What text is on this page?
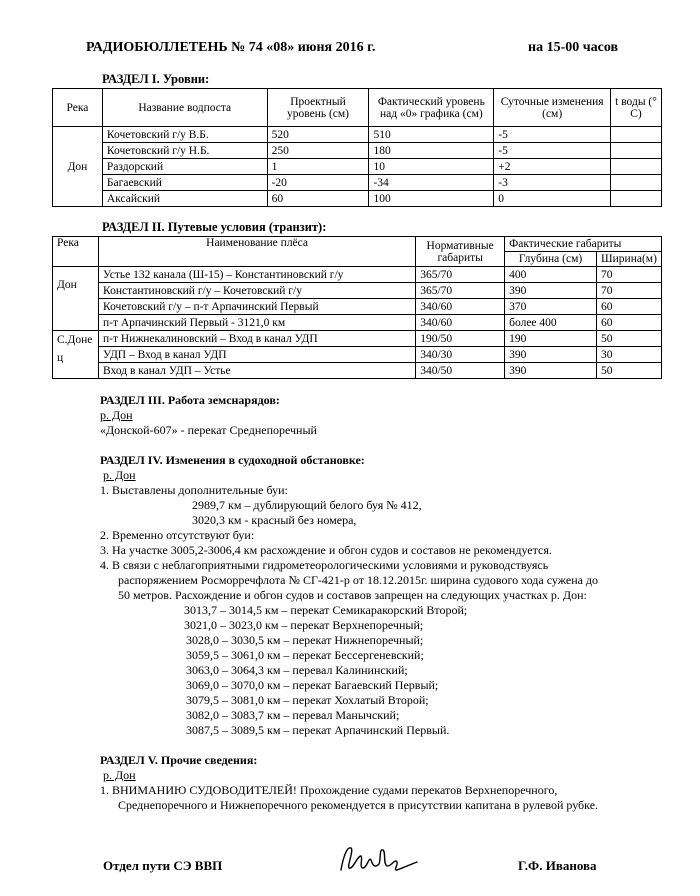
РАДИОБЮЛЛЕТЕНЬ № 74 «08» июня 2016 г.	на 15-00 часов
РАЗДЕЛ I. Уровни:
Река	Название водпоста	Проектный уровень (см)	Фактический уровень над «0» графика (см)	Суточные изменения (см)	t воды (° С)
Дон	Кочетовский г/у В.Б.	520	510	-5	
	Кочетовский г/у Н.Б.	250	180	-5	
	Раздорский	1	10	+2	
	Багаевский	-20	-34	-3	
	Аксайский	60	100	0	
РАЗДЕЛ II. Путевые условия (транзит):
Река	Наименование плёса	Нормативные габариты	Фактические габариты	
			Глубина (см)	Ширина(м)
Дон	Устье 132 канала (Ш-15) – Константиновский г/у	365/70	400	70
	Константиновский г/у – Кочетовский г/у	365/70	390	70
	Кочетовский г/у – п-т Арпачинский Первый	340/60	370	60
	п-т Арпачинский Первый - 3121,0 км	340/60	более 400	60
С.Доне ц	п-т Нижнекалиновский – Вход в канал УДП	190/50	190	50
	УДП – Вход в канал УДП	340/30	390	30
	Вход в канал УДП – Устье	340/50	390	50
РАЗДЕЛ III. Работа земснарядов:
р. Дон
«Донской-607» - перекат Среднепоречный
РАЗДЕЛ IV. Изменения в судоходной обстановке:
р. Дон
1. Выставлены дополнительные буи:
2989,7 км – дублирующий белого буя № 412,
3020,3 км - красный без номера,
2. Временно отсутствуют буи:
3. На участке 3005,2-3006,4 км расхождение и обгон судов и составов не рекомендуется.
4. В связи с неблагоприятными гидрометеорологическими условиями и руководствуясь
распоряжением Росморречфлота № СГ-421-р от 18.12.2015г. ширина судового хода сужена до
50 метров. Расхождение и обгон судов и составов запрещен на следующих участках р. Дон:
3013,7 – 3014,5 км – перекат Семикаракорский Второй;
3021,0 – 3023,0 км – перекат Верхнепоречный;
3028,0 – 3030,5 км – перекат Нижнепоречный;
3059,5 – 3061,0 км – перекат Бессергеневский;
3063,0 – 3064,3 км – перевал Калининский;
3069,0 – 3070,0 км – перекат Багаевский Первый;
3079,5 – 3081,0 км – перекат Хохлатый Второй;
3082,0 – 3083,7 км – перевал Манычский;
3087,5 – 3089,5 км – перекат Арпачинский Первый.
РАЗДЕЛ V. Прочие сведения:
р. Дон
1. ВНИМАНИЮ СУДОВОДИТЕЛЕЙ! Прохождение судами перекатов Верхнепоречного,
Среднепоречного и Нижнепоречного рекомендуется в присутствии капитана в рулевой рубке.
Отдел пути СЭ ВВП	Г.Ф. Иванова
